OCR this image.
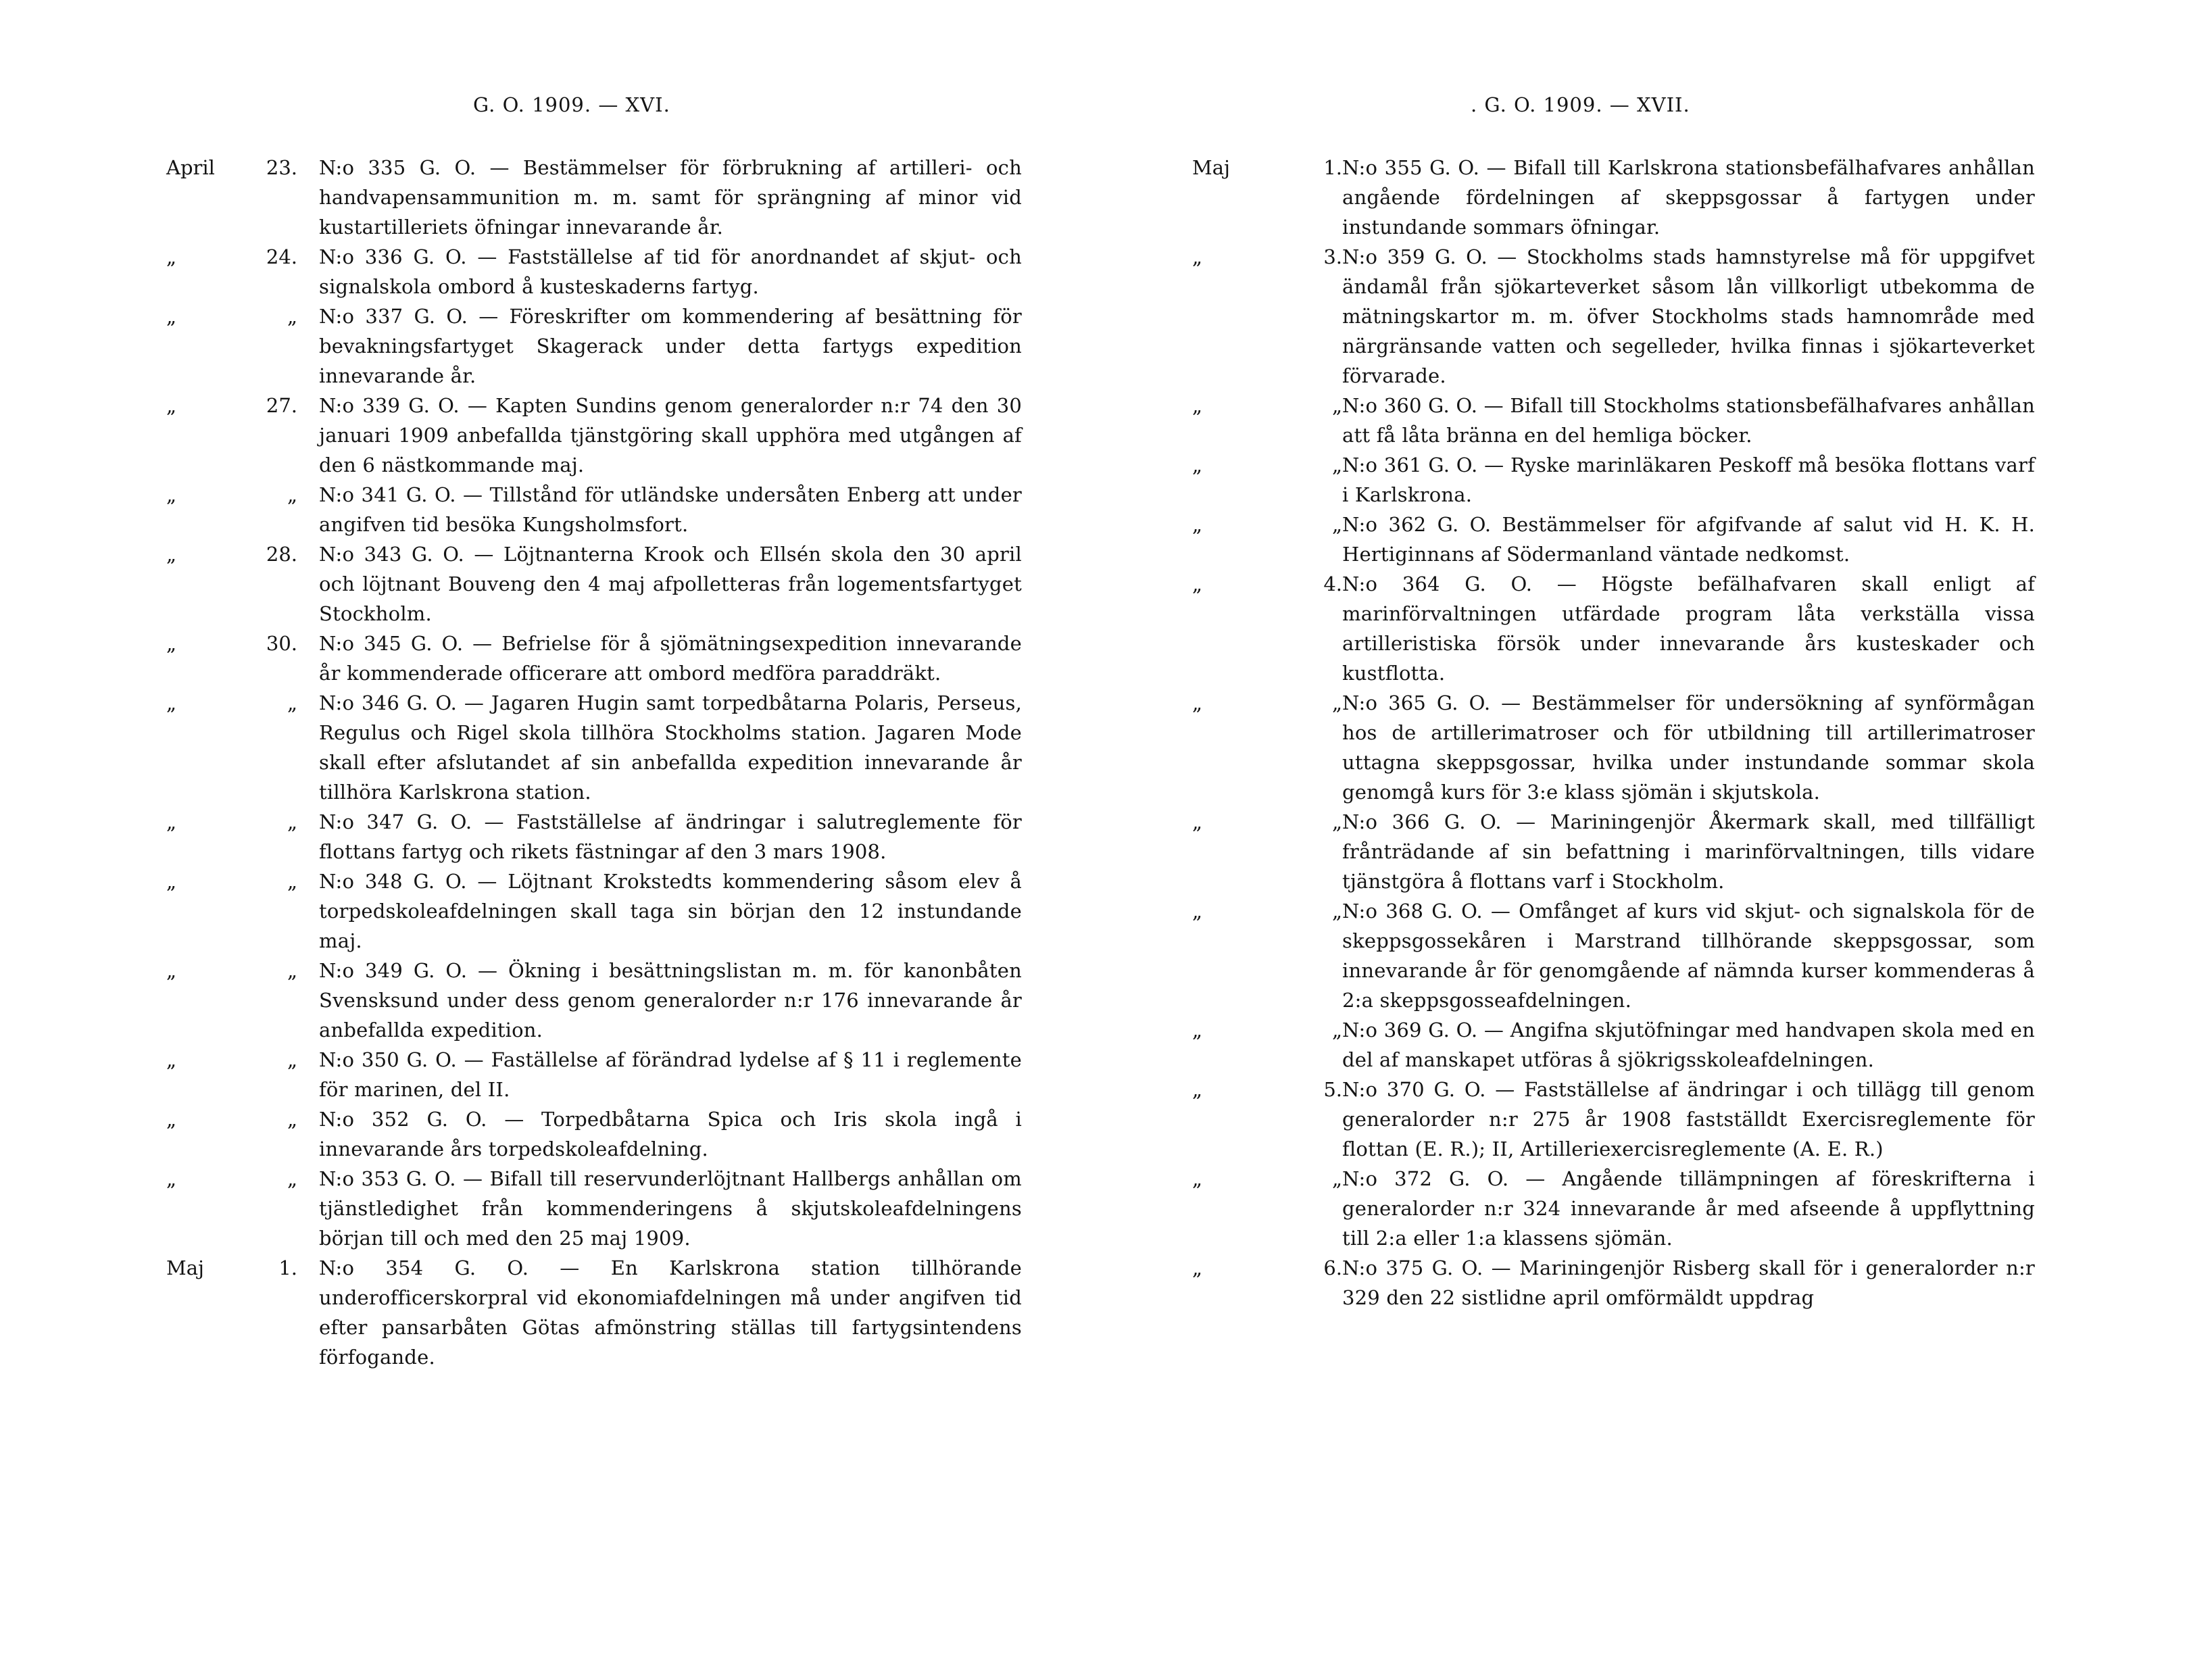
G. O. 1909. — XVI.
April	23. N:o 335 G. O. — Bestämmelser för förbrukning af artilleri- och handvapensammunition m. m. samt för sprängning af minor vid kustartilleriets öfningar innevarande år.
„	24. N:o 336 G. O. — Fastställelse af tid för anordnandet af skjut- och signalskola ombord å kusteskaderns fartyg.
„	„ N:o 337 G. O. — Föreskrifter om kommendering af besättning för bevakningsfartyget Skagerack under detta fartygs expedition innevarande år.
„	27. N:o 339 G. O. — Kapten Sundins genom generalorder n:r 74 den 30 januari 1909 anbefallda tjänstgöring skall upphöra med utgången af den 6 nästkommande maj.
„	„ N:o 341 G. O. — Tillstånd för utländske undersåten Enberg att under angifven tid besöka Kungsholmsfort.
„	28. N:o 343 G. O. — Löjtnanterna Krook och Ellsén skola den 30 april och löjtnant Bouveng den 4 maj afpolletteras från logementsfartyget Stockholm.
„	30. N:o 345 G. O. — Befrielse för å sjömätningsexpedition innevarande år kommenderade officerare att ombord medföra paraddräkt.
„	„ N:o 346 G. O. — Jagaren Hugin samt torpedbåtarna Polaris, Perseus, Regulus och Rigel skola tillhöra Stockholms station. Jagaren Mode skall efter afslutandet af sin anbefallda expedition innevarande år tillhöra Karlskrona station.
„	„ N:o 347 G. O. — Fastställelse af ändringar i salutreglemente för flottans fartyg och rikets fästningar af den 3 mars 1908.
„	„ N:o 348 G. O. — Löjtnant Krokstedts kommendering såsom elev å torpedskoleafdelningen skall taga sin början den 12 instundande maj.
„	„ N:o 349 G. O. — Ökning i besättningslistan m. m. för kanonbåten Svensksund under dess genom generalorder n:r 176 innevarande år anbefallda expedition.
„	„ N:o 350 G. O. — Faställelse af förändrad lydelse af § 11 i reglemente för marinen, del II.
„	„ N:o 352 G. O. — Torpedbåtarna Spica och Iris skola ingå i innevarande års torpedskoleafdelning.
„	„ N:o 353 G. O. — Bifall till reservunderlöjtnant Hallbergs anhållan om tjänstledighet från kommenderingens å skjutskoleafdelningens början till och med den 25 maj 1909.
Maj	1. N:o 354 G. O. — En Karlskrona station tillhörande underofficerskorpral vid ekonomiafdelningen må under angifven tid efter pansarbåten Götas afmönstring ställas till fartygsintendens förfogande.
. G. O. 1909. — XVII.
Maj	1. N:o 355 G. O. — Bifall till Karlskrona stationsbefälhafvares anhållan angående fördelningen af skeppsgossar å fartygen under instundande sommars öfningar.
„	3. N:o 359 G. O. — Stockholms stads hamnstyrelse må för uppgifvet ändamål från sjökarteverket såsom lån villkorligt utbekomma de mätningskartor m. m. öfver Stockholms stads hamnområde med närgränsande vatten och segelleder, hvilka finnas i sjökarteverket förvarade.
„	„ N:o 360 G. O. — Bifall till Stockholms stationsbefälhafvares anhållan att få låta bränna en del hemliga böcker.
„	„ N:o 361 G. O. — Ryske marinläkaren Peskoff må besöka flottans varf i Karlskrona.
„	„ N:o 362 G. O. Bestämmelser för afgifvande af salut vid H. K. H. Hertiginnans af Södermanland väntade nedkomst.
„	4. N:o 364 G. O. — Högste befälhafvaren skall enligt af marinförvaltningen utfärdade program låta verkställa vissa artilleristiska försök under innevarande års kusteskader och kustflotta.
„	„ N:o 365 G. O. — Bestämmelser för undersökning af synförmågan hos de artillerimatroser och för utbildning till artillerimatroser uttagna skeppsgossar, hvilka under instundande sommar skola genomgå kurs för 3:e klass sjömän i skjutskola.
„	„ N:o 366 G. O. — Mariningenjör Åkermark skall, med tillfälligt frånträdande af sin befattning i marinförvaltningen, tills vidare tjänstgöra å flottans varf i Stockholm.
„	„ N:o 368 G. O. — Omfånget af kurs vid skjut- och signalskola för de skeppsgossekåren i Marstrand tillhörande skeppsgossar, som innevarande år för genomgående af nämnda kurser kommenderas å 2:a skeppsgosseafdelningen.
„	„ N:o 369 G. O. — Angifna skjutöfningar med handvapen skola med en del af manskapet utföras å sjökrigsskoleafdelningen.
„	5. N:o 370 G. O. — Fastställelse af ändringar i och tillägg till genom generalorder n:r 275 år 1908 fastställdt Exercisreglemente för flottan (E. R.); II, Artilleriexercisreglemente (A. E. R.)
„	„ N:o 372 G. O. — Angående tillämpningen af föreskrifterna i generalorder n:r 324 innevarande år med afseende å uppflyttning till 2:a eller 1:a klassens sjömän.
„	6. N:o 375 G. O. — Mariningenjör Risberg skall för i generalorder n:r 329 den 22 sistlidne april omförmäldt uppdrag
